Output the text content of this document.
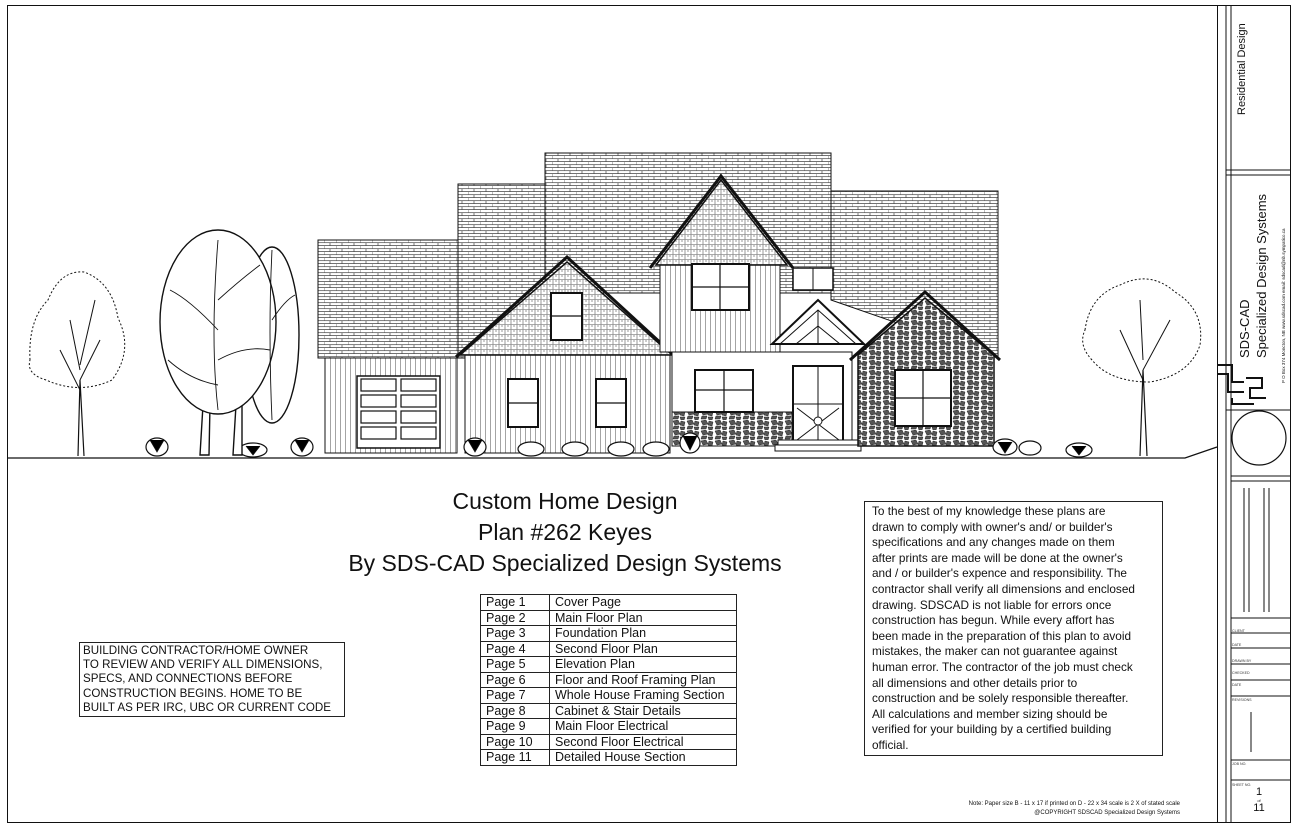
Residential Design
SDS-CAD Specialized Design Systems	P O Box 374 Moncton, NB www.sdscad.com email: sdscad@nb.sympatico.ca
CLIENT
DATE
DRAWN BY
CHECKED
DATE
REVISIONS
JOB NO.
SHEET NO.
1
of
11
Custom Home Design
Plan #262 Keyes
By SDS-CAD Specialized Design Systems
Page 1	Cover Page
Page 2	Main Floor Plan
Page 3	Foundation Plan
Page 4	Second Floor Plan
Page 5	Elevation Plan
Page 6	Floor and Roof Framing Plan
Page 7	Whole House Framing Section
Page 8	Cabinet & Stair Details
Page 9	Main Floor Electrical
Page 10	Second Floor Electrical
Page 11	Detailed House Section
BUILDING CONTRACTOR/HOME OWNER
TO REVIEW AND VERIFY ALL DIMENSIONS,
SPECS, AND CONNECTIONS BEFORE
CONSTRUCTION BEGINS. HOME TO BE
BUILT AS PER IRC, UBC OR CURRENT CODE
To the best of my knowledge these plans are
drawn to comply with owner's and/ or builder's
specifications and any changes made on them
after prints are made will be done at the owner's
and / or builder's expence and responsibility. The
contractor shall verify all dimensions and enclosed
drawing. SDSCAD is not liable for errors once
construction has begun. While every affort has
been made in the preparation of this plan to avoid
mistakes, the maker can not guarantee against
human error. The contractor of the job must check
all dimensions and other details prior to
construction and be solely responsible thereafter.
All calculations and member sizing should be
verified for your building by a certified building
official.
Note: Paper size B - 11 x 17 if printed on D - 22 x 34 scale is 2 X of stated scale
@COPYRIGHT SDSCAD Specialized Design Systems
